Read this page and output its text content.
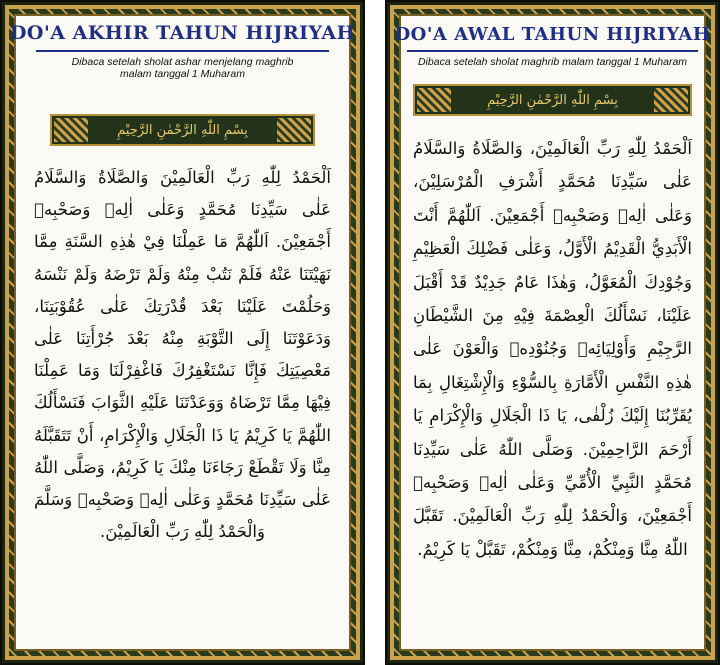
DO'A AKHIR TAHUN HIJRIYAH
Dibaca setelah sholat ashar menjelang maghrib
malam tanggal 1 Muharam
بِسْمِ اللّٰهِ الرَّحْمٰنِ الرَّحِيْمِ
اَلْحَمْدُ لِلّٰهِ رَبِّ الْعَالَمِيْنَ وَالصَّلَاةُ وَالسَّلَامُ عَلٰى سَيِّدِنَا مُحَمَّدٍ وَعَلٰى اٰلِهٖ وَصَحْبِهٖ أَجْمَعِيْنَ. اَللّٰهُمَّ مَا عَمِلْنَا فِيْ هٰذِهِ السَّنَةِ مِمَّا نَهَيْتَنَا عَنْهُ فَلَمْ نَتُبْ مِنْهُ وَلَمْ تَرْضَهُ وَلَمْ نَنْسَهُ وَحَلُمْتَ عَلَيْنَا بَعْدَ قُدْرَتِكَ عَلٰى عُقُوْبَتِنَا، وَدَعَوْتَنَا إِلَى التَّوْبَةِ مِنْهُ بَعْدَ جُرْأَتِنَا عَلٰى مَعْصِيَتِكَ فَإِنَّا نَسْتَغْفِرُكَ فَاغْفِرْلَنَا وَمَا عَمِلْنَا فِيْهَا مِمَّا تَرْضَاهُ وَوَعَدْتَنَا عَلَيْهِ الثَّوَابَ فَنَسْأَلُكَ اللّٰهُمَّ يَا كَرِيْمُ يَا ذَا الْجَلَالِ وَالْإِكْرَامِ، أَنْ تَتَقَبَّلَهُ مِنَّا وَلَا تَقْطَعْ رَجَاءَنَا مِنْكَ يَا كَرِيْمُ، وَصَلَّى اللّٰهُ عَلٰى سَيِّدِنَا مُحَمَّدٍ وَعَلٰى اٰلِهٖ وَصَحْبِهٖ وَسَلَّمَ وَالْحَمْدُ لِلّٰهِ رَبِّ الْعَالَمِيْنَ.
DO'A AWAL TAHUN HIJRIYAH
Dibaca setelah sholat maghrib malam tanggal 1 Muharam
بِسْمِ اللّٰهِ الرَّحْمٰنِ الرَّحِيْمِ
اَلْحَمْدُ لِلّٰهِ رَبِّ الْعَالَمِيْنَ، وَالصَّلَاةُ وَالسَّلَامُ عَلٰى سَيِّدِنَا مُحَمَّدٍ أَشْرَفِ الْمُرْسَلِيْنَ، وَعَلٰى اٰلِهٖ وَصَحْبِهٖ أَجْمَعِيْنَ. اَللّٰهُمَّ أَنْتَ الْأَبَدِيُّ الْقَدِيْمُ الْأَوَّلُ، وَعَلٰى فَضْلِكَ الْعَظِيْمِ وَجُوْدِكَ الْمُعَوَّلُ، وَهٰذَا عَامٌ جَدِيْدٌ قَدْ أَقْبَلَ عَلَيْنَا، نَسْأَلُكَ الْعِصْمَةَ فِيْهِ مِنَ الشَّيْطَانِ الرَّجِيْمِ وَأَوْلِيَائِهٖ وَجُنُوْدِهٖ وَالْعَوْنَ عَلٰى هٰذِهِ النَّفْسِ الْأَمَّارَةِ بِالسُّوْءِ وَالْإِشْتِغَالِ بِمَا يُقَرِّبُنَا إِلَيْكَ زُلْفٰى، يَا ذَا الْجَلَالِ وَالْإِكْرَامِ يَا أَرْحَمَ الرَّاحِمِيْنَ. وَصَلَّى اللّٰهُ عَلٰى سَيِّدِنَا مُحَمَّدٍ النَّبِيِّ الْأُمِّيِّ وَعَلٰى اٰلِهٖ وَصَحْبِهٖ أَجْمَعِيْنَ، وَالْحَمْدُ لِلّٰهِ رَبِّ الْعَالَمِيْنَ. تَقَبَّلَ اللّٰهُ مِنَّا وَمِنْكُمْ، مِنَّا وَمِنْكُمْ، تَقَبَّلْ يَا كَرِيْمُ.
